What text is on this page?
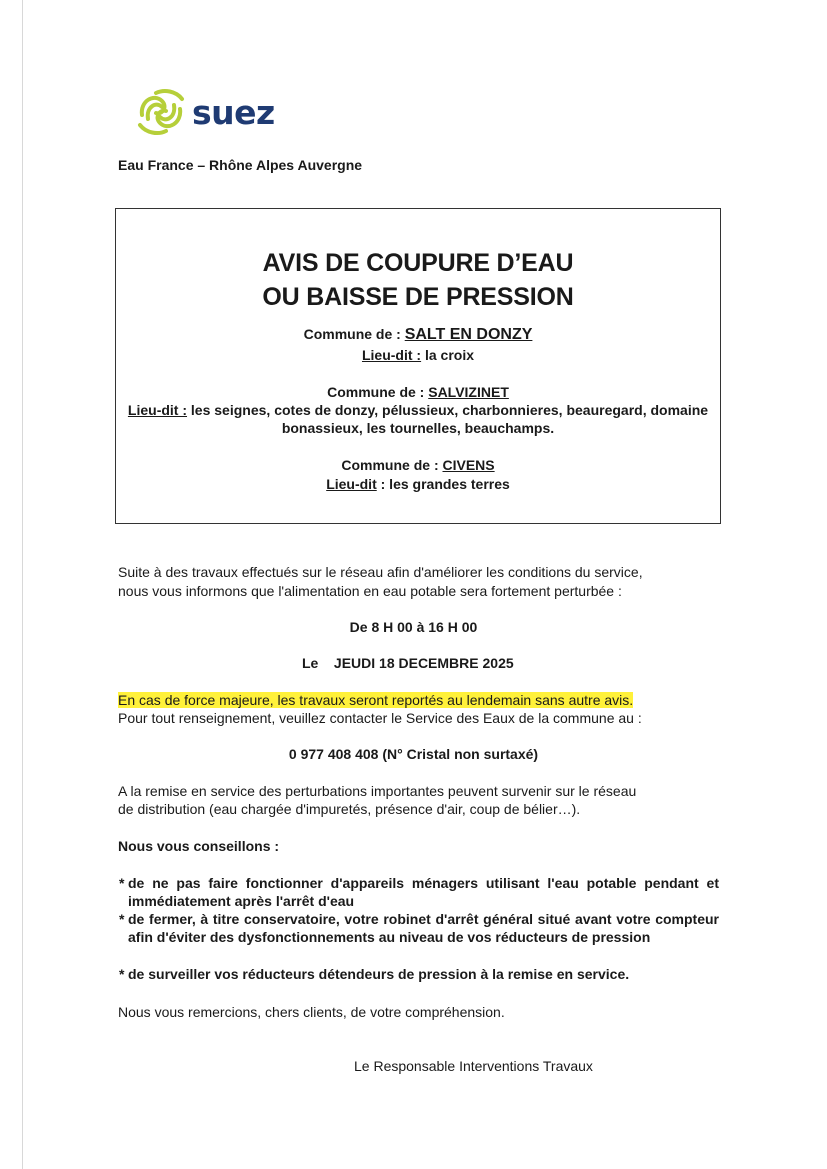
suez
Eau France – Rhône Alpes Auvergne
AVIS DE COUPURE D’EAU
OU BAISSE DE PRESSION
Commune de : SALT EN DONZY
Lieu-dit : la croix
Commune de : SALVIZINET
Lieu-dit : les seignes, cotes de donzy, pélussieux, charbonnieres, beauregard, domaine bonassieux, les tournelles, beauchamps.
Commune de : CIVENS
Lieu-dit : les grandes terres
Suite à des travaux effectués sur le réseau afin d'améliorer les conditions du service,
nous vous informons que l'alimentation en eau potable sera fortement perturbée :
De 8 H 00 à 16 H 00
Le JEUDI 18 DECEMBRE 2025
En cas de force majeure, les travaux seront reportés au lendemain sans autre avis.
Pour tout renseignement, veuillez contacter le Service des Eaux de la commune au :
0 977 408 408 (N° Cristal non surtaxé)
A la remise en service des perturbations importantes peuvent survenir sur le réseau
de distribution (eau chargée d'impuretés, présence d'air, coup de bélier…).
Nous vous conseillons :
* de ne pas faire fonctionner d'appareils ménagers utilisant l'eau potable pendant et immédiatement après l'arrêt d'eau
* de fermer, à titre conservatoire, votre robinet d'arrêt général situé avant votre compteur afin d'éviter des dysfonctionnements au niveau de vos réducteurs de pression
* de surveiller vos réducteurs détendeurs de pression à la remise en service.
Nous vous remercions, chers clients, de votre compréhension.
Le Responsable Interventions Travaux
